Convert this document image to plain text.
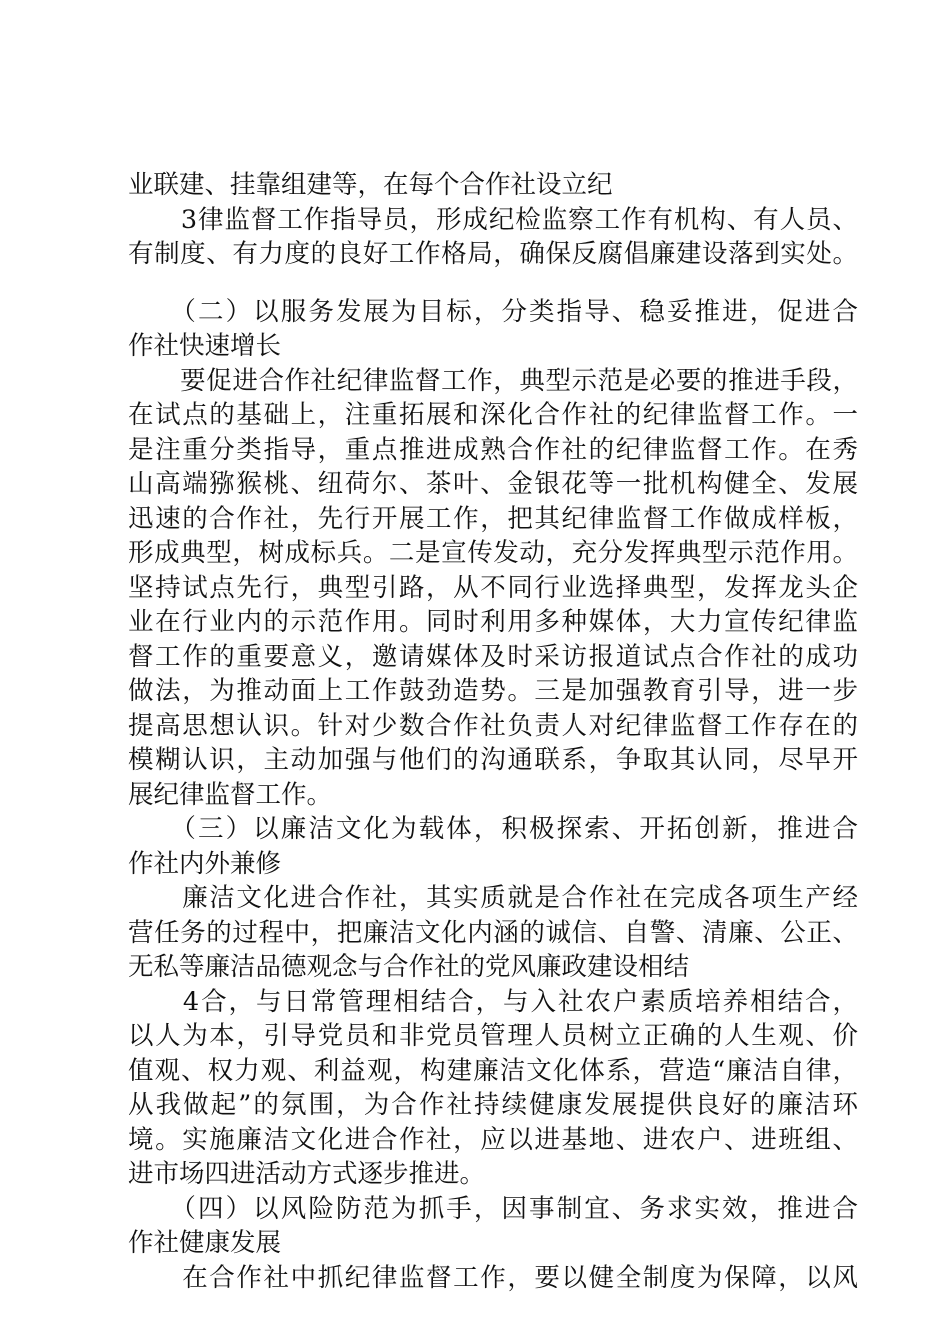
业联建、挂靠组建等，在每个合作社设立纪
　　3律监督工作指导员，形成纪检监察工作有机构、有人员、
有制度、有力度的良好工作格局，确保反腐倡廉建设落到实处。
　　（二）以服务发展为目标，分类指导、稳妥推进，促进合
作社快速增长
　　要促进合作社纪律监督工作，典型示范是必要的推进手段，
在试点的基础上，注重拓展和深化合作社的纪律监督工作。一
是注重分类指导，重点推进成熟合作社的纪律监督工作。在秀
山高端猕猴桃、纽荷尔、茶叶、金银花等一批机构健全、发展
迅速的合作社，先行开展工作，把其纪律监督工作做成样板，
形成典型，树成标兵。二是宣传发动，充分发挥典型示范作用。
坚持试点先行，典型引路，从不同行业选择典型，发挥龙头企
业在行业内的示范作用。同时利用多种媒体，大力宣传纪律监
督工作的重要意义，邀请媒体及时采访报道试点合作社的成功
做法，为推动面上工作鼓劲造势。三是加强教育引导，进一步
提高思想认识。针对少数合作社负责人对纪律监督工作存在的
模糊认识，主动加强与他们的沟通联系，争取其认同，尽早开
展纪律监督工作。
　　（三）以廉洁文化为载体，积极探索、开拓创新，推进合
作社内外兼修
　　廉洁文化进合作社，其实质就是合作社在完成各项生产经
营任务的过程中，把廉洁文化内涵的诚信、自警、清廉、公正、
无私等廉洁品德观念与合作社的党风廉政建设相结
　　4合，与日常管理相结合，与入社农户素质培养相结合，
以人为本，引导党员和非党员管理人员树立正确的人生观、价
值观、权力观、利益观，构建廉洁文化体系，营造“廉洁自律，
从我做起”的氛围，为合作社持续健康发展提供良好的廉洁环
境。实施廉洁文化进合作社，应以进基地、进农户、进班组、
进市场四进活动方式逐步推进。
　　（四）以风险防范为抓手，因事制宜、务求实效，推进合
作社健康发展
　　在合作社中抓纪律监督工作，要以健全制度为保障，以风
